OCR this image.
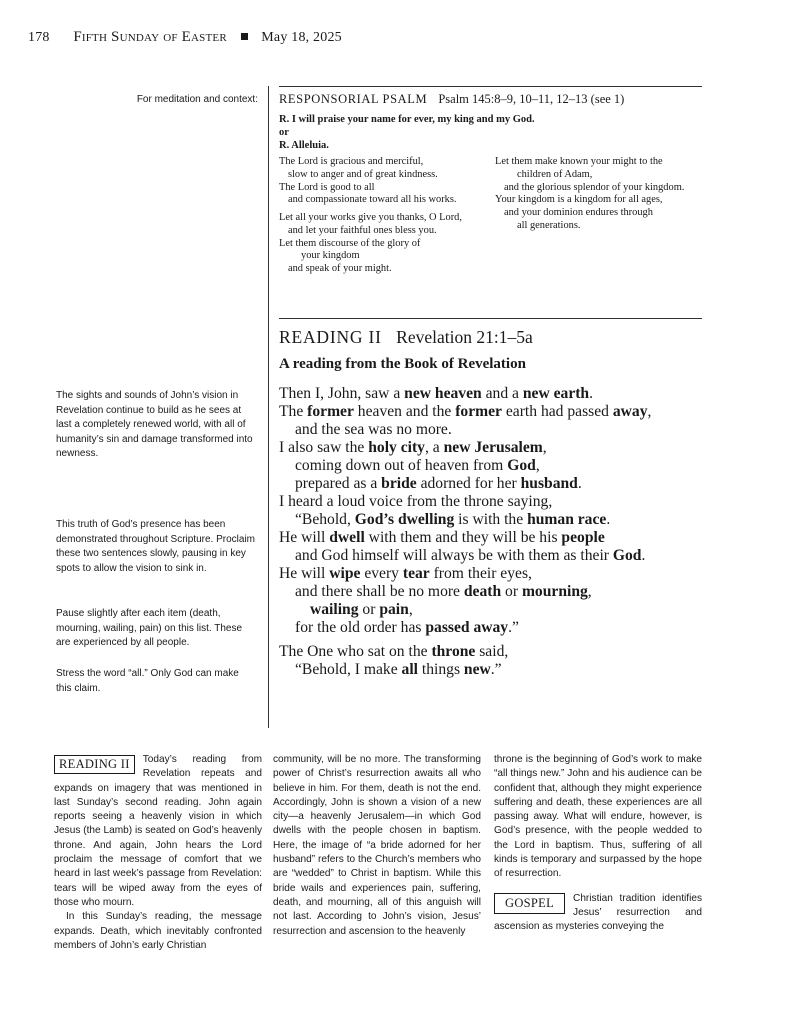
178 Fifth Sunday of Easter May 18, 2025
For meditation and context:
The sights and sounds of John’s vision in Revelation continue to build as he sees at last a completely renewed world, with all of humanity’s sin and damage transformed into newness.
This truth of God’s presence has been demonstrated throughout Scripture. Proclaim these two sentences slowly, pausing in key spots to allow the vision to sink in.
Pause slightly after each item (death, mourning, wailing, pain) on this list. These are experienced by all people.
Stress the word “all.” Only God can make this claim.
RESPONSORIAL PSALM Psalm 145:8–9, 10–11, 12–13 (see 1)
R. I will praise your name for ever, my king and my God.
or
R. Alleluia.
The Lord is gracious and merciful,
slow to anger and of great kindness.
The Lord is good to all
and compassionate toward all his works.
Let all your works give you thanks, O Lord,
and let your faithful ones bless you.
Let them discourse of the glory of
your kingdom
and speak of your might.
Let them make known your might to the
children of Adam,
and the glorious splendor of your kingdom.
Your kingdom is a kingdom for all ages,
and your dominion endures through
all generations.
READING II Revelation 21:1–5a
A reading from the Book of Revelation
Then I, John, saw a new heaven and a new earth.
The former heaven and the former earth had passed away,
and the sea was no more.
I also saw the holy city, a new Jerusalem,
coming down out of heaven from God,
prepared as a bride adorned for her husband.
I heard a loud voice from the throne saying,
“Behold, God’s dwelling is with the human race.
He will dwell with them and they will be his people
and God himself will always be with them as their God.
He will wipe every tear from their eyes,
and there shall be no more death or mourning,
wailing or pain,
for the old order has passed away.”
The One who sat on the throne said,
“Behold, I make all things new.”

READING II	Today’s reading from Revelation repeats and expands on imagery that was mentioned in last Sunday’s second reading. John again reports seeing a heavenly vision in which Jesus (the Lamb) is seated on God’s heavenly throne. And again, John hears the Lord proclaim the message of comfort that we heard in last week’s passage from Revelation: tears will be wiped away from the eyes of those who mourn.

In this Sunday’s reading, the message expands. Death, which inevitably confronted members of John’s early Christian

community, will be no more. The transforming power of Christ’s resurrection awaits all who believe in him. For them, death is not the end. Accordingly, John is shown a vision of a new city—a heavenly Jerusalem—in which God dwells with the people chosen in baptism. Here, the image of “a bride adorned for her husband” refers to the Church’s members who are “wedded” to Christ in baptism. While this bride wails and experiences pain, suffering, death, and mourning, all of this anguish will not last. According to John’s vision, Jesus’ resurrection and ascension to the heavenly

throne is the beginning of God’s work to make “all things new.” John and his audience can be confident that, although they might experience suffering and death, these experiences are all passing away. What will endure, however, is God’s presence, with the people wedded to the Lord in baptism. Thus, suffering of all kinds is temporary and surpassed by the hope of resurrection.

GOSPEL	Christian tradition identifies Jesus’ resurrection and ascension as mysteries conveying the
